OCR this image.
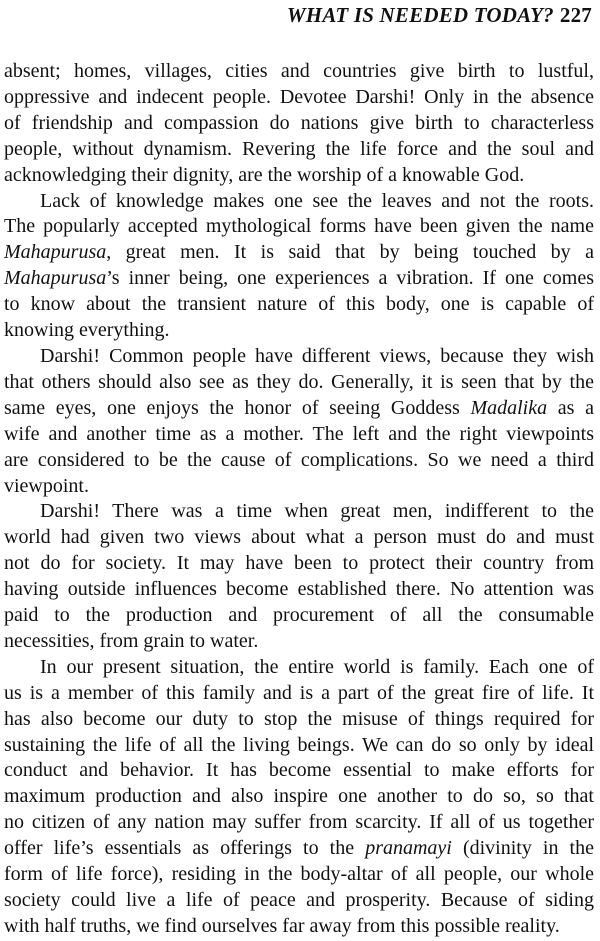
WHAT IS NEEDED TODAY? 227
absent; homes, villages, cities and countries give birth to lustful,
oppressive and indecent people. Devotee Darshi! Only in the absence
of friendship and compassion do nations give birth to characterless
people, without dynamism. Revering the life force and the soul and
acknowledging their dignity, are the worship of a knowable God.
Lack of knowledge makes one see the leaves and not the roots.
The popularly accepted mythological forms have been given the name
Mahapurusa, great men. It is said that by being touched by a
Mahapurusa’s inner being, one experiences a vibration. If one comes
to know about the transient nature of this body, one is capable of
knowing everything.
Darshi! Common people have different views, because they wish
that others should also see as they do. Generally, it is seen that by the
same eyes, one enjoys the honor of seeing Goddess Madalika as a
wife and another time as a mother. The left and the right viewpoints
are considered to be the cause of complications. So we need a third
viewpoint.
Darshi! There was a time when great men, indifferent to the
world had given two views about what a person must do and must
not do for society. It may have been to protect their country from
having outside influences become established there. No attention was
paid to the production and procurement of all the consumable
necessities, from grain to water.
In our present situation, the entire world is family. Each one of
us is a member of this family and is a part of the great fire of life. It
has also become our duty to stop the misuse of things required for
sustaining the life of all the living beings. We can do so only by ideal
conduct and behavior. It has become essential to make efforts for
maximum production and also inspire one another to do so, so that
no citizen of any nation may suffer from scarcity. If all of us together
offer life’s essentials as offerings to the pranamayi (divinity in the
form of life force), residing in the body-altar of all people, our whole
society could live a life of peace and prosperity. Because of siding
with half truths, we find ourselves far away from this possible reality.
